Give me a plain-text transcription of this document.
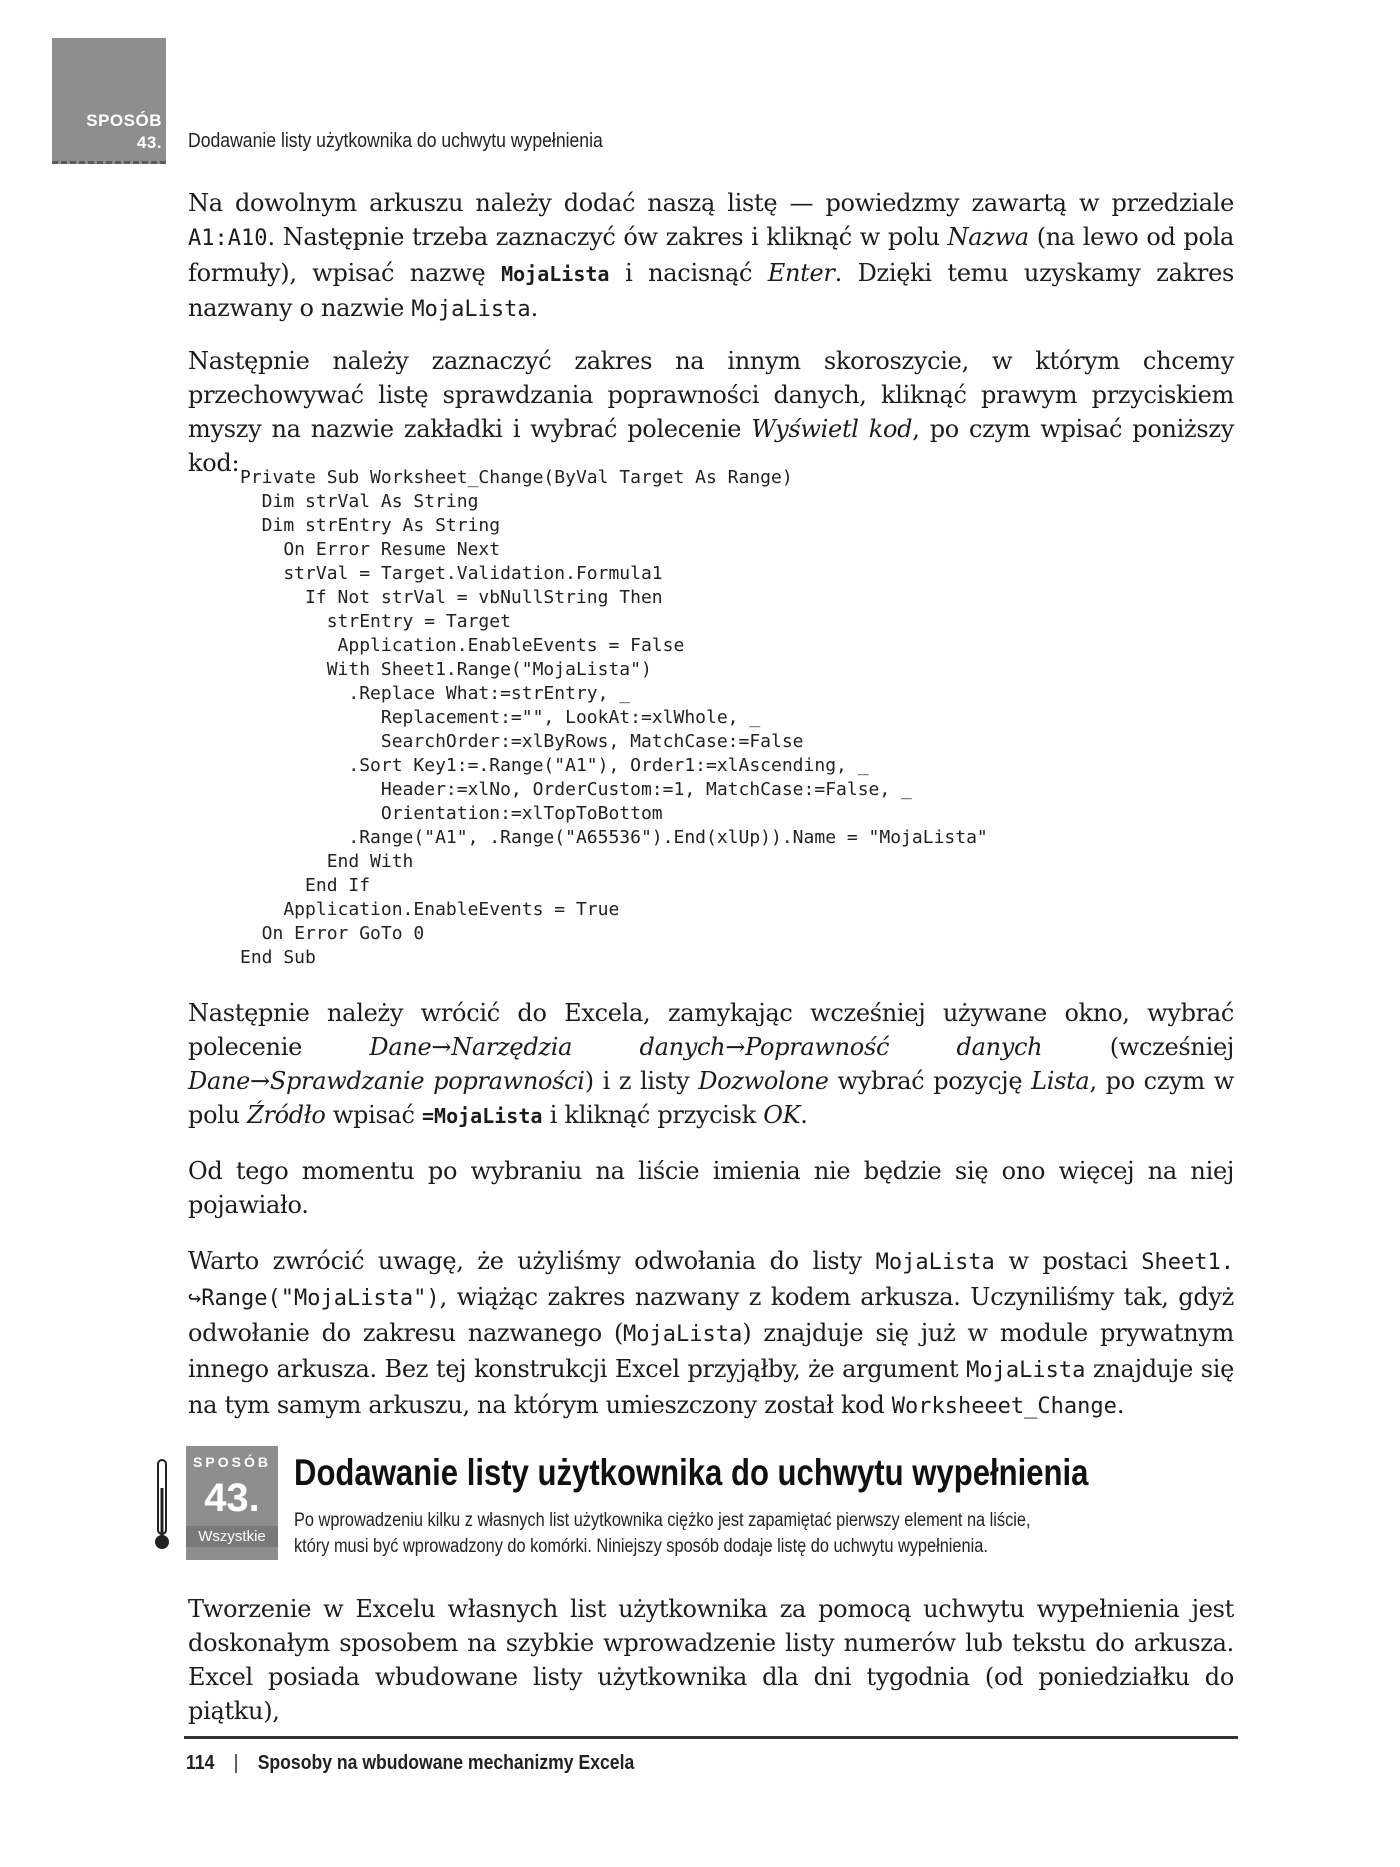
SPOSÓB
43. Dodawanie listy użytkownika do uchwytu wypełnienia

Na dowolnym arkuszu należy dodać naszą listę — powiedzmy zawartą w przedziale A1:A10. Następnie trzeba zaznaczyć ów zakres i kliknąć w polu Nazwa (na lewo od pola formuły), wpisać nazwę MojaLista i nacisnąć Enter. Dzięki temu uzyskamy zakres nazwany o nazwie MojaLista.

Następnie należy zaznaczyć zakres na innym skoroszycie, w którym chcemy przechowywać listę sprawdzania poprawności danych, kliknąć prawym przyciskiem myszy na nazwie zakładki i wybrać polecenie Wyświetl kod, po czym wpisać poniższy kod:

Private Sub Worksheet_Change(ByVal Target As Range)
Dim strVal As String
Dim strEntry As String
On Error Resume Next
strVal = Target.Validation.Formula1
If Not strVal = vbNullString Then
strEntry = Target
Application.EnableEvents = False
With Sheet1.Range("MojaLista")
.Replace What:=strEntry, _
Replacement:="", LookAt:=xlWhole, _
SearchOrder:=xlByRows, MatchCase:=False
.Sort Key1:=.Range("A1"), Order1:=xlAscending, _
Header:=xlNo, OrderCustom:=1, MatchCase:=False, _
Orientation:=xlTopToBottom
.Range("A1", .Range("A65536").End(xlUp)).Name = "MojaLista"
End With
End If
Application.EnableEvents = True
On Error GoTo 0
End Sub

Następnie należy wrócić do Excela, zamykając wcześniej używane okno, wybrać polecenie Dane→Narzędzia danych→Poprawność danych (wcześniej Dane→Sprawdzanie poprawności) i z listy Dozwolone wybrać pozycję Lista, po czym w polu Źródło wpisać =MojaLista i kliknąć przycisk OK.

Od tego momentu po wybraniu na liście imienia nie będzie się ono więcej na niej pojawiało.

Warto zwrócić uwagę, że użyliśmy odwołania do listy MojaLista w postaci Sheet1. ↪Range("MojaLista"), wiążąc zakres nazwany z kodem arkusza. Uczyniliśmy tak, gdyż odwołanie do zakresu nazwanego (MojaLista) znajduje się już w module prywatnym innego arkusza. Bez tej konstrukcji Excel przyjąłby, że argument MojaLista znajduje się na tym samym arkuszu, na którym umieszczony został kod Worksheeet_Change.

SPOSÓB
43.
Wszystkie
Dodawanie listy użytkownika do uchwytu wypełnienia
Po wprowadzeniu kilku z własnych list użytkownika ciężko jest zapamiętać pierwszy element na liście,
który musi być wprowadzony do komórki. Niniejszy sposób dodaje listę do uchwytu wypełnienia.

Tworzenie w Excelu własnych list użytkownika za pomocą uchwytu wypełnienia jest doskonałym sposobem na szybkie wprowadzenie listy numerów lub tekstu do arkusza. Excel posiada wbudowane listy użytkownika dla dni tygodnia (od poniedziałku do piątku),

114 | Sposoby na wbudowane mechanizmy Excela
